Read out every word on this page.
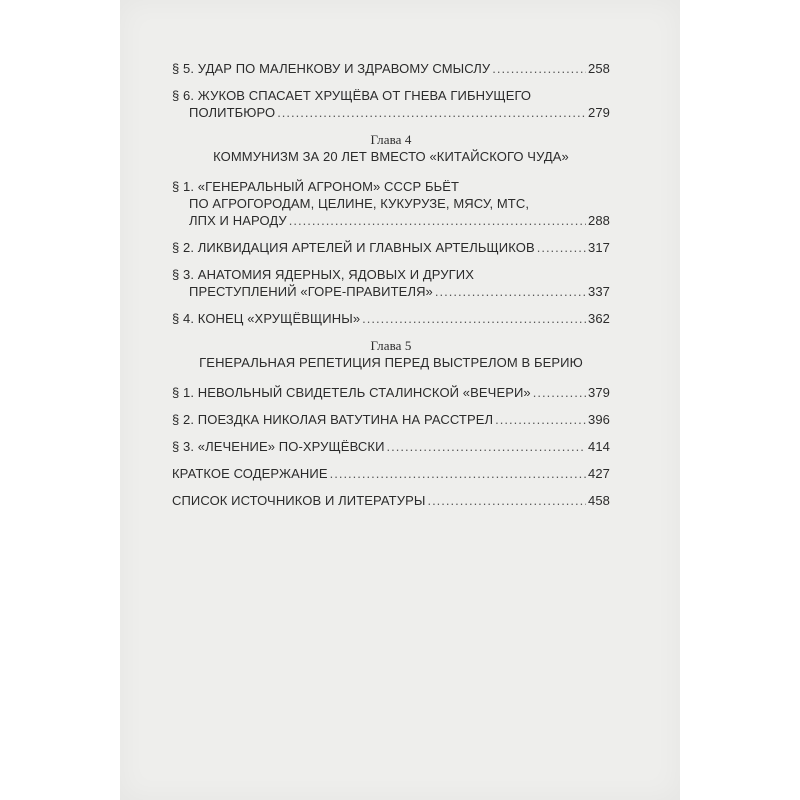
§ 5. УДАР ПО МАЛЕНКОВУ И ЗДРАВОМУ СМЫСЛУ .....	258
§ 6. ЖУКОВ СПАСАЕТ ХРУЩЁВА ОТ ГНЕВА ГИБНУЩЕГО
ПОЛИТБЮРО .....	279
Глава 4
КОММУНИЗМ ЗА 20 ЛЕТ ВМЕСТО «КИТАЙСКОГО ЧУДА»
§ 1. «ГЕНЕРАЛЬНЫЙ АГРОНОМ» СССР БЬЁТ
ПО АГРОГОРОДАМ, ЦЕЛИНЕ, КУКУРУЗЕ, МЯСУ, МТС,
ЛПХ И НАРОДУ .....	288
§ 2. ЛИКВИДАЦИЯ АРТЕЛЕЙ И ГЛАВНЫХ АРТЕЛЬЩИКОВ .....	317
§ 3. АНАТОМИЯ ЯДЕРНЫХ, ЯДОВЫХ И ДРУГИХ
ПРЕСТУПЛЕНИЙ «ГОРЕ-ПРАВИТЕЛЯ» .....	337
§ 4. КОНЕЦ «ХРУЩЁВЩИНЫ» .....	362
Глава 5
ГЕНЕРАЛЬНАЯ РЕПЕТИЦИЯ ПЕРЕД ВЫСТРЕЛОМ В БЕРИЮ
§ 1. НЕВОЛЬНЫЙ СВИДЕТЕЛЬ СТАЛИНСКОЙ «ВЕЧЕРИ» .....	379
§ 2. ПОЕЗДКА НИКОЛАЯ ВАТУТИНА НА РАССТРЕЛ .....	396
§ 3. «ЛЕЧЕНИЕ» ПО-ХРУЩЁВСКИ .....	414
КРАТКОЕ СОДЕРЖАНИЕ .....	427
СПИСОК ИСТОЧНИКОВ И ЛИТЕРАТУРЫ .....	458
